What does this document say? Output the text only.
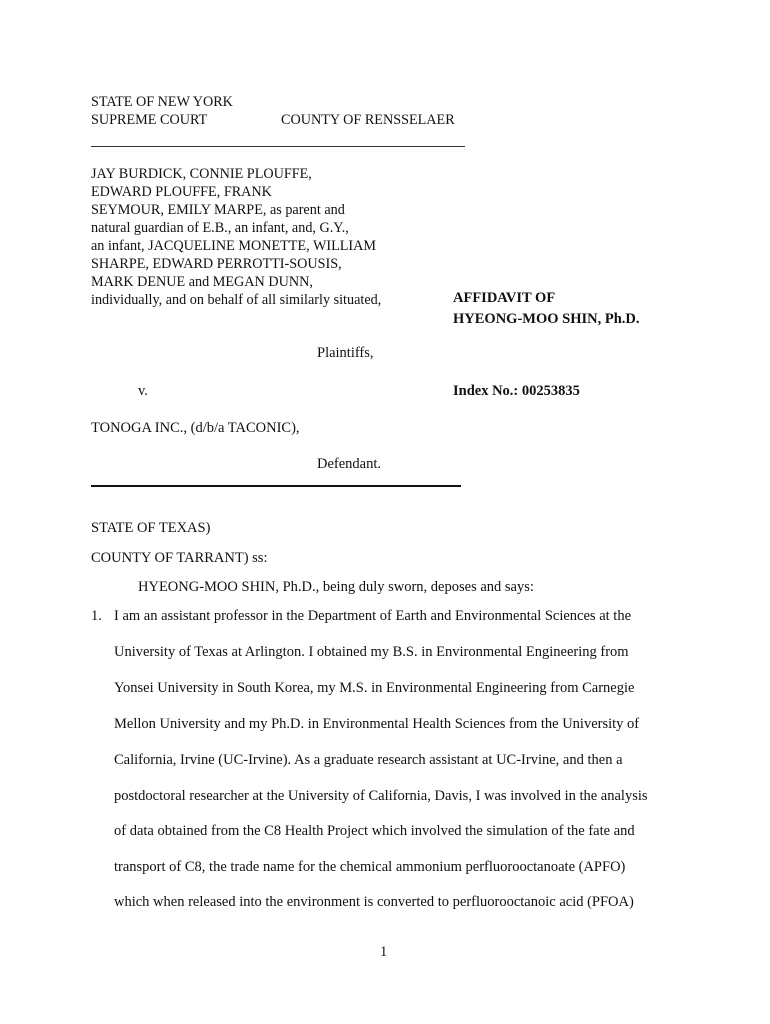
STATE OF NEW YORK
SUPREME COURT	COUNTY OF RENSSELAER
JAY BURDICK, CONNIE PLOUFFE,
EDWARD PLOUFFE, FRANK
SEYMOUR, EMILY MARPE, as parent and
natural guardian of E.B., an infant, and, G.Y.,
an infant, JACQUELINE MONETTE, WILLIAM
SHARPE, EDWARD PERROTTI-SOUSIS,
MARK DENUE and MEGAN DUNN,
individually, and on behalf of all similarly situated,	AFFIDAVIT OF
HYEONG-MOO SHIN, Ph.D.
Plaintiffs,
v.	Index No.: 00253835
TONOGA INC., (d/b/a TACONIC),
Defendant.
STATE OF TEXAS)
COUNTY OF TARRANT) ss:
HYEONG-MOO SHIN, Ph.D., being duly sworn, deposes and says:
1. I am an assistant professor in the Department of Earth and Environmental Sciences at the
University of Texas at Arlington. I obtained my B.S. in Environmental Engineering from
Yonsei University in South Korea, my M.S. in Environmental Engineering from Carnegie
Mellon University and my Ph.D. in Environmental Health Sciences from the University of
California, Irvine (UC-Irvine). As a graduate research assistant at UC-Irvine, and then a
postdoctoral researcher at the University of California, Davis, I was involved in the analysis
of data obtained from the C8 Health Project which involved the simulation of the fate and
transport of C8, the trade name for the chemical ammonium perfluorooctanoate (APFO)
which when released into the environment is converted to perfluorooctanoic acid (PFOA)
1
